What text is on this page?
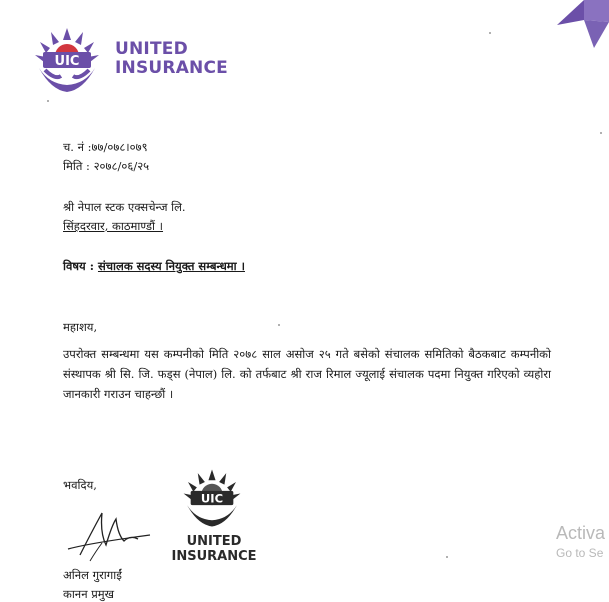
UIC
UNITED
INSURANCE
च. नं :७७/०७८।०७९
मिति : २०७८/०६/२५
श्री नेपाल स्टक एक्सचेन्ज लि.
सिंहदरवार, काठमाण्डौं ।
विषय : संचालक सदस्य नियुक्त सम्बन्धमा ।
महाशय,
उपरोक्त सम्बन्धमा यस कम्पनीको मिति २०७८ साल असोज २५ गते बसेको संचालक समितिको बैठकबाट कम्पनीको संस्थापक श्री सि. जि. फड्स (नेपाल) लि. को तर्फबाट श्री राज रिमाल ज्यूलाई संचालक पदमा नियुक्त गरिएको व्यहोरा जानकारी गराउन चाहन्छौं ।
भवदिय,
अनिल गुरागाईं
कानन प्रमुख
UIC
UNITED
INSURANCE
Activa
Go to Se
